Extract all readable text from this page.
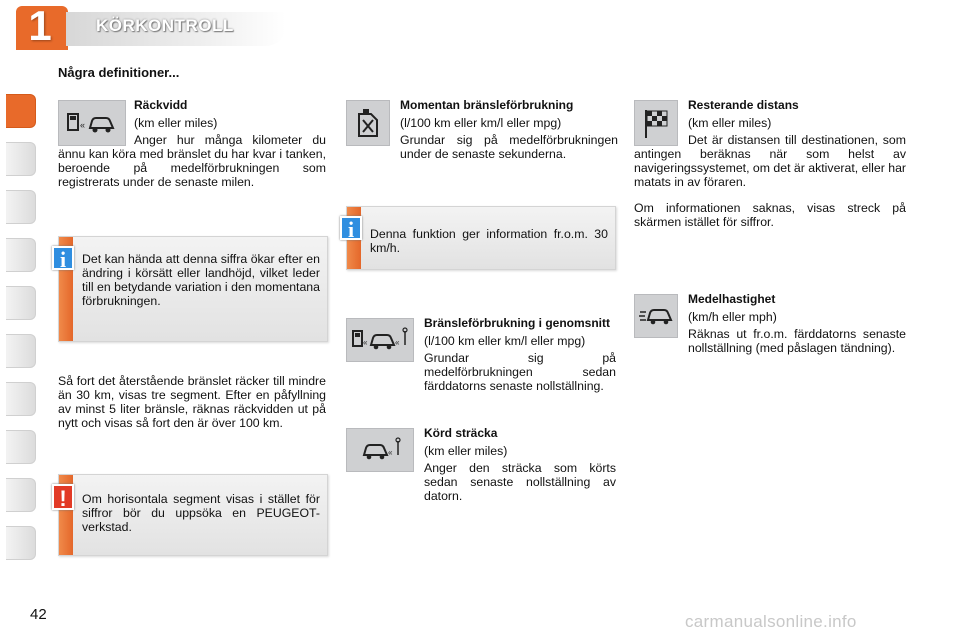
1	KÖRKONTROLL
Några definitioner...
«
Räckvidd
(km eller miles)
Anger hur många kilometer du ännu kan köra med bränslet du har kvar i tanken, beroende på medelförbrukningen som registrerats under de senaste milen.
i	Det kan hända att denna siffra ökar efter en ändring i körsätt eller landhöjd, vilket leder till en betydande variation i den momentana förbrukningen.
Så fort det återstående bränslet räcker till mindre än 30 km, visas tre segment. Efter en påfyllning av minst 5 liter bränsle, räknas räckvidden ut på nytt och visas så fort den är över 100 km.
!	Om horisontala segment visas i stället för siffror bör du uppsöka en PEUGEOT-verkstad.
Momentan bränsleförbrukning
(l/100 km eller km/l eller mpg)
Grundar sig på medelförbrukningen under de senaste sekunderna.
i	Denna funktion ger information fr.o.m. 30 km/h.
«	«
Bränsleförbrukning i genomsnitt
(l/100 km eller km/l eller mpg)
Grundar sig på medelförbrukningen sedan färddatorns senaste nollställning.
«
Körd sträcka
(km eller miles)
Anger den sträcka som körts sedan senaste nollställning av datorn.
Resterande distans
(km eller miles)
Det är distansen till destinationen, som antingen beräknas när som helst av navigeringssystemet, om det är aktiverat, eller har matats in av föraren.
Om informationen saknas, visas streck på skärmen istället för siffror.
Medelhastighet
(km/h eller mph)
Räknas ut fr.o.m. färddatorns senaste nollställning (med påslagen tändning).
42	carmanualsonline.info
